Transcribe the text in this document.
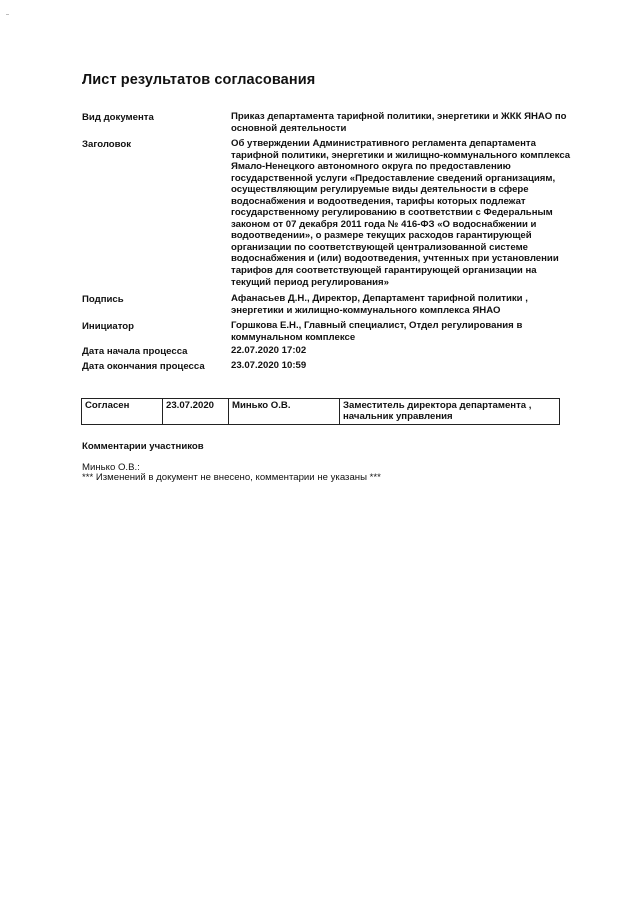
Лист результатов согласования
Вид документа	Приказ департамента тарифной политики, энергетики и ЖКК ЯНАО по основной деятельности
Заголовок	Об утверждении Административного регламента департамента тарифной политики, энергетики и жилищно-коммунального комплекса Ямало-Ненецкого автономного округа по предоставлению государственной услуги «Предоставление сведений организациям, осуществляющим регулируемые виды деятельности в сфере водоснабжения и водоотведения, тарифы которых подлежат государственному регулированию в соответствии с Федеральным законом от 07 декабря 2011 года № 416-ФЗ «О водоснабжении и водоотведении», о размере текущих расходов гарантирующей организации по соответствующей централизованной системе водоснабжения и (или) водоотведения, учтенных при установлении тарифов для соответствующей гарантирующей организации на текущий период регулирования»
Подпись	Афанасьев Д.Н., Директор, Департамент тарифной политики , энергетики и жилищно-коммунального комплекса ЯНАО
Инициатор	Горшкова Е.Н., Главный специалист, Отдел регулирования в коммунальном комплексе
Дата начала процесса	22.07.2020 17:02
Дата окончания процесса	23.07.2020 10:59
Согласен	23.07.2020	Минько О.В.	Заместитель директора департамента , начальник управления
Комментарии участников
Минько О.В.:
*** Изменений в документ не внесено, комментарии не указаны ***
